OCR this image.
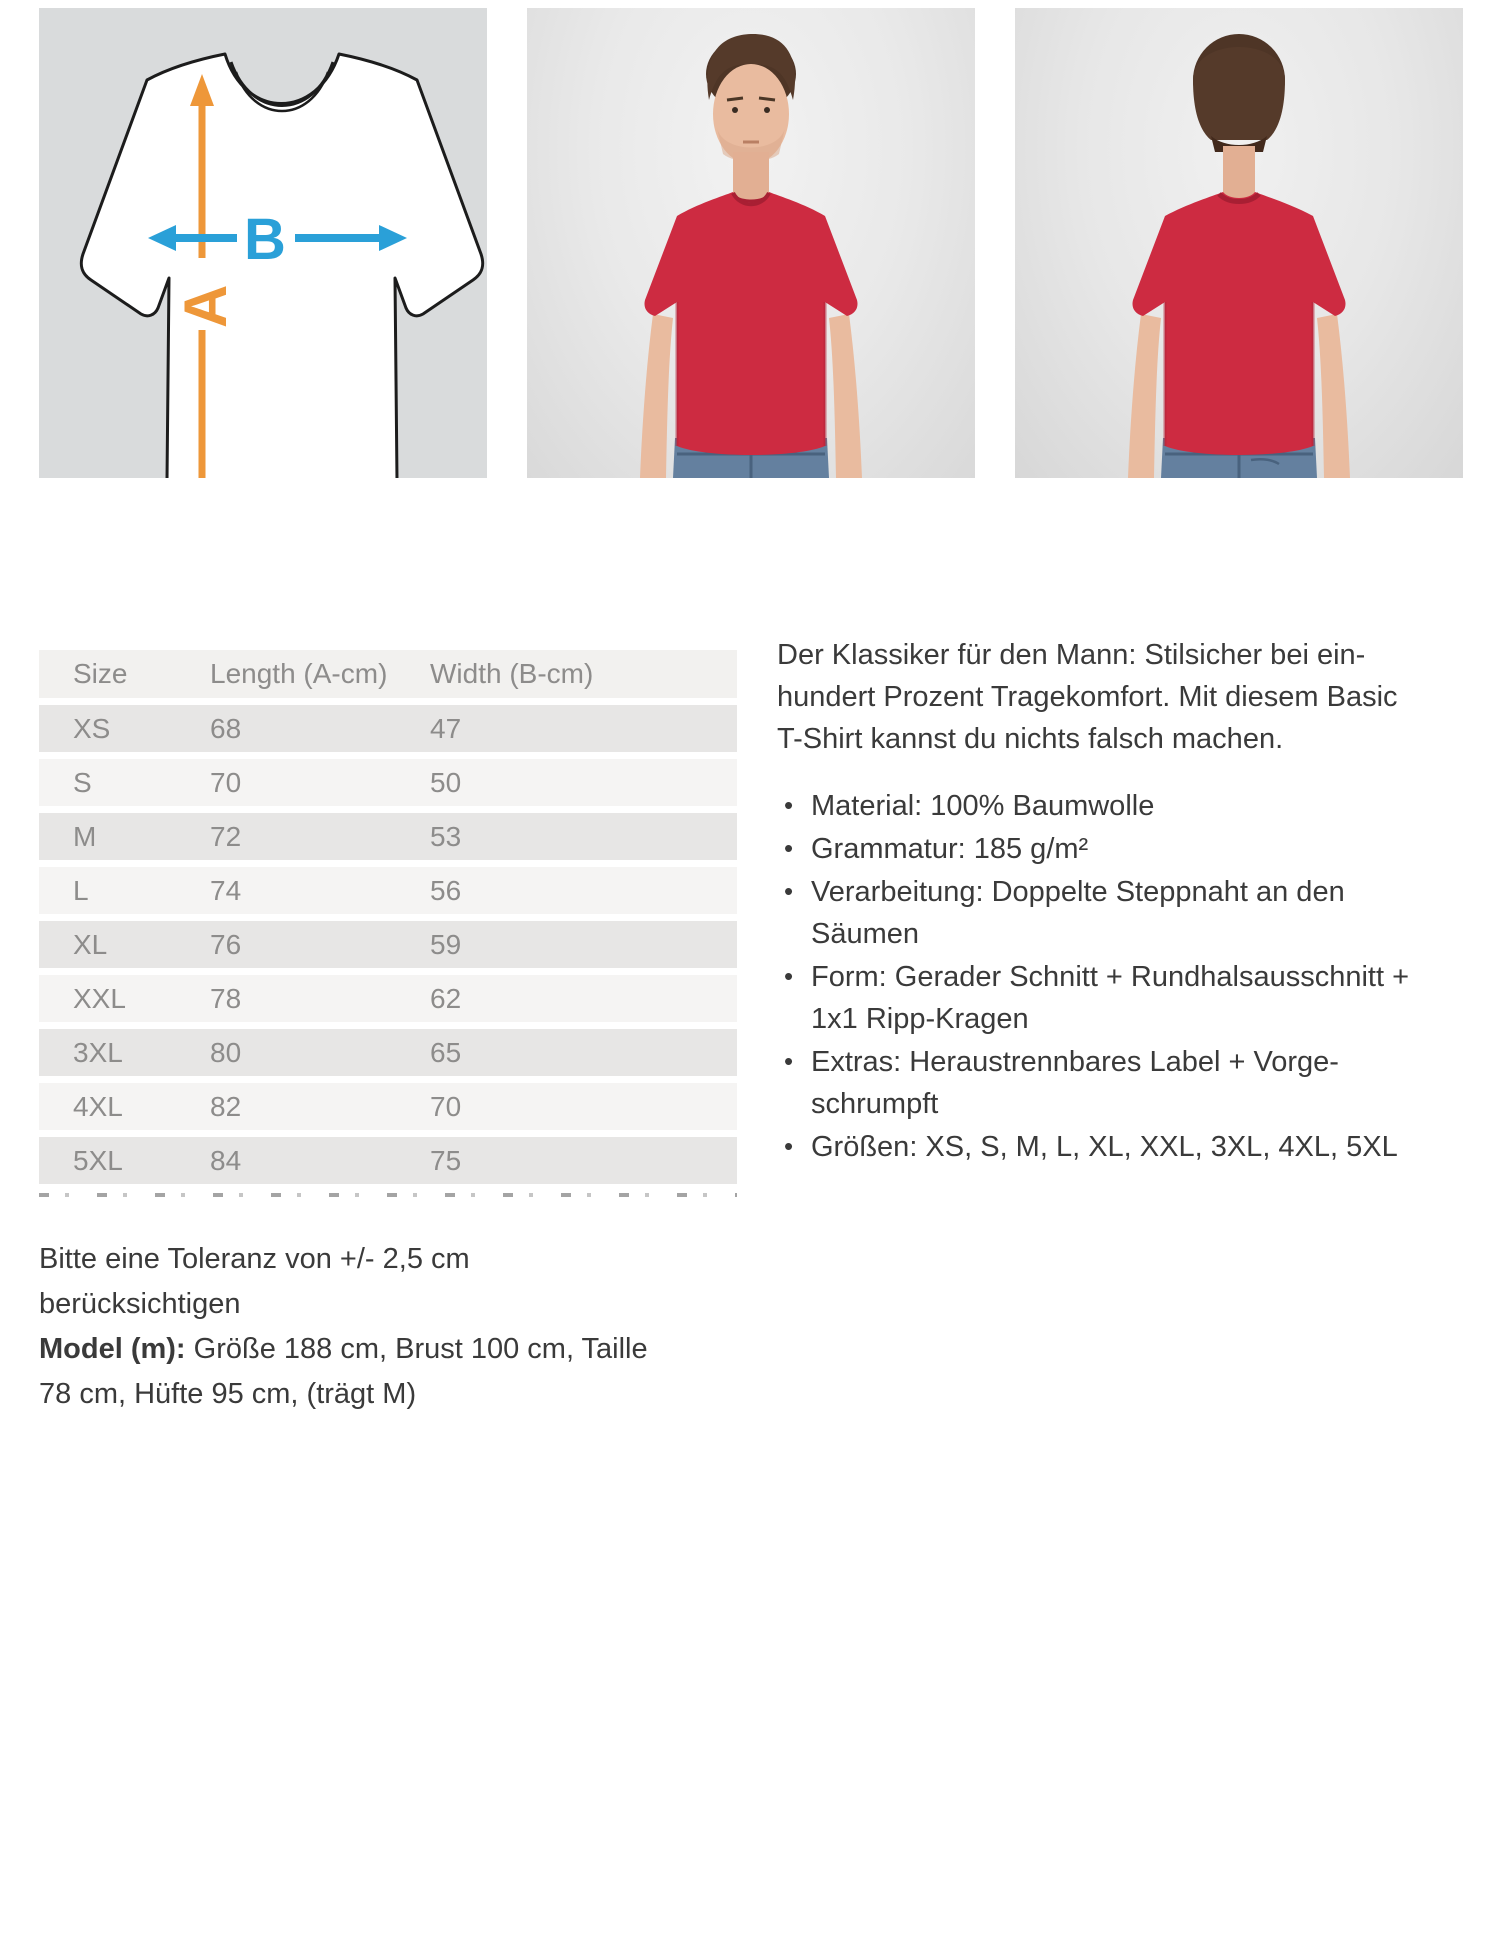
A
B
Size	Length (A-cm) Width (B-cm)
XS	68	47
S	70	50
M	72	53
L	74	56
XL	76	59
XXL	78	62
3XL	80	65
4XL	82	70
5XL	84	75

Der Klassiker für den Mann: Stilsicher bei einhundert Prozent Tragekomfort. Mit diesem Basic T-Shirt kannst du nichts falsch machen.

• Material: 100% Baumwolle
• Grammatur: 185 g/m²
• Verarbeitung: Doppelte Steppnaht an den Säumen
• Form: Gerader Schnitt + Rundhalsausschnitt + 1x1 Ripp-Kragen
• Extras: Heraustrennbares Label + Vorgeschrumpft
• Größen: XS, S, M, L, XL, XXL, 3XL, 4XL, 5XL
Bitte eine Toleranz von +/- 2,5 cm berücksichtigen
Model (m): Größe 188 cm, Brust 100 cm, Taille 78 cm, Hüfte 95 cm, (trägt M)
